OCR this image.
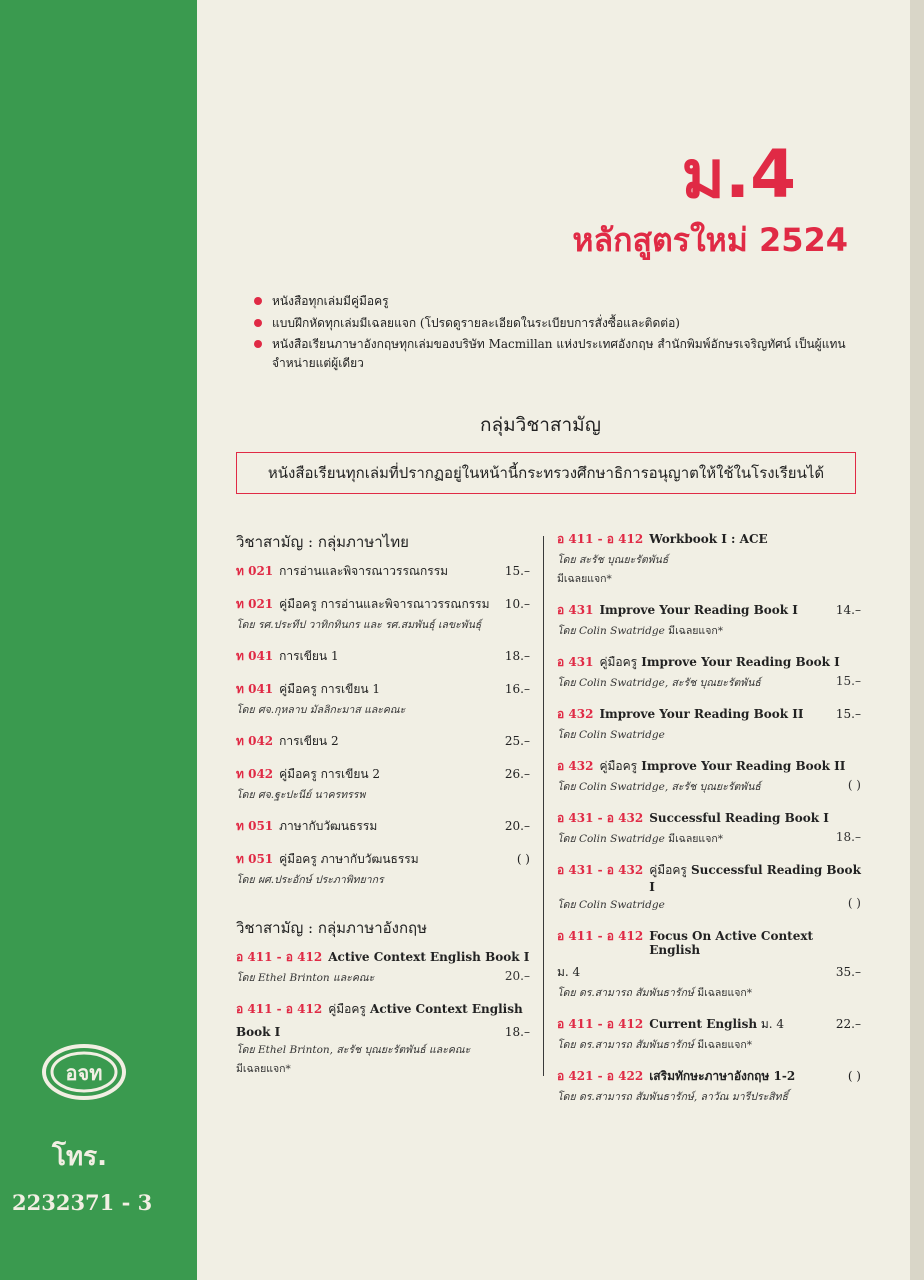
อจท
โทร.
2232371 - 3
ม.4
หลักสูตรใหม่ 2524
หนังสือทุกเล่มมีคู่มือครู
แบบฝึกหัดทุกเล่มมีเฉลยแจก (โปรดดูรายละเอียดในระเบียบการสั่งซื้อและติดต่อ)
หนังสือเรียนภาษาอังกฤษทุกเล่มของบริษัท Macmillan แห่งประเทศอังกฤษ สำนักพิมพ์อักษรเจริญทัศน์ เป็นผู้แทนจำหน่ายแต่ผู้เดียว
กลุ่มวิชาสามัญ
หนังสือเรียนทุกเล่มที่ปรากฏอยู่ในหน้านี้กระทรวงศึกษาธิการอนุญาตให้ใช้ในโรงเรียนได้
วิชาสามัญ : กลุ่มภาษาไทย
ท 021 การอ่านและพิจารณาวรรณกรรม	15.–
ท 021 คู่มือครู การอ่านและพิจารณาวรรณกรรม	10.–
โดย รศ.ประทีป วาทิกทินกร และ รศ.สมพันธุ์ เลขะพันธุ์
ท 041 การเขียน 1	18.–
ท 041 คู่มือครู การเขียน 1	16.–
โดย ศจ.กุหลาบ มัลลิกะมาส และคณะ
ท 042 การเขียน 2	25.–
ท 042 คู่มือครู การเขียน 2	26.–
โดย ศจ.ฐะปะนีย์ นาครทรรพ
ท 051 ภาษากับวัฒนธรรม	20.–
ท 051 คู่มือครู ภาษากับวัฒนธรรม	( )
โดย ผศ.ประอักษ์ ประภาพิทยากร
วิชาสามัญ : กลุ่มภาษาอังกฤษ
อ 411 - อ 412 Active Context English Book I
โดย Ethel Brinton และคณะ	20.–
อ 411 - อ 412 คู่มือครู Active Context English
Book I	18.–
โดย Ethel Brinton, สะรัช บุณยะรัตพันธ์ และคณะ
มีเฉลยแจก*
อ 411 - อ 412 Workbook I : ACE
โดย สะรัช บุณยะรัตพันธ์
มีเฉลยแจก*
อ 431 Improve Your Reading Book I	14.–
โดย Colin Swatridge มีเฉลยแจก*
อ 431 คู่มือครู Improve Your Reading Book I
โดย Colin Swatridge, สะรัช บุณยะรัตพันธ์	15.–
อ 432 Improve Your Reading Book II	15.–
โดย Colin Swatridge
อ 432 คู่มือครู Improve Your Reading Book II
โดย Colin Swatridge, สะรัช บุณยะรัตพันธ์	( )
อ 431 - อ 432 Successful Reading Book I
โดย Colin Swatridge มีเฉลยแจก*	18.–
อ 431 - อ 432 คู่มือครู Successful Reading Book I
โดย Colin Swatridge	( )
อ 411 - อ 412 Focus On Active Context English
ม. 4	35.–
โดย ดร.สามารถ สัมพันธารักษ์ มีเฉลยแจก*
อ 411 - อ 412 Current English ม. 4	22.–
โดย ดร.สามารถ สัมพันธารักษ์ มีเฉลยแจก*
อ 421 - อ 422 เสริมทักษะภาษาอังกฤษ 1-2	( )
โดย ดร.สามารถ สัมพันธารักษ์, ลาวัณ มารีประสิทธิ์
